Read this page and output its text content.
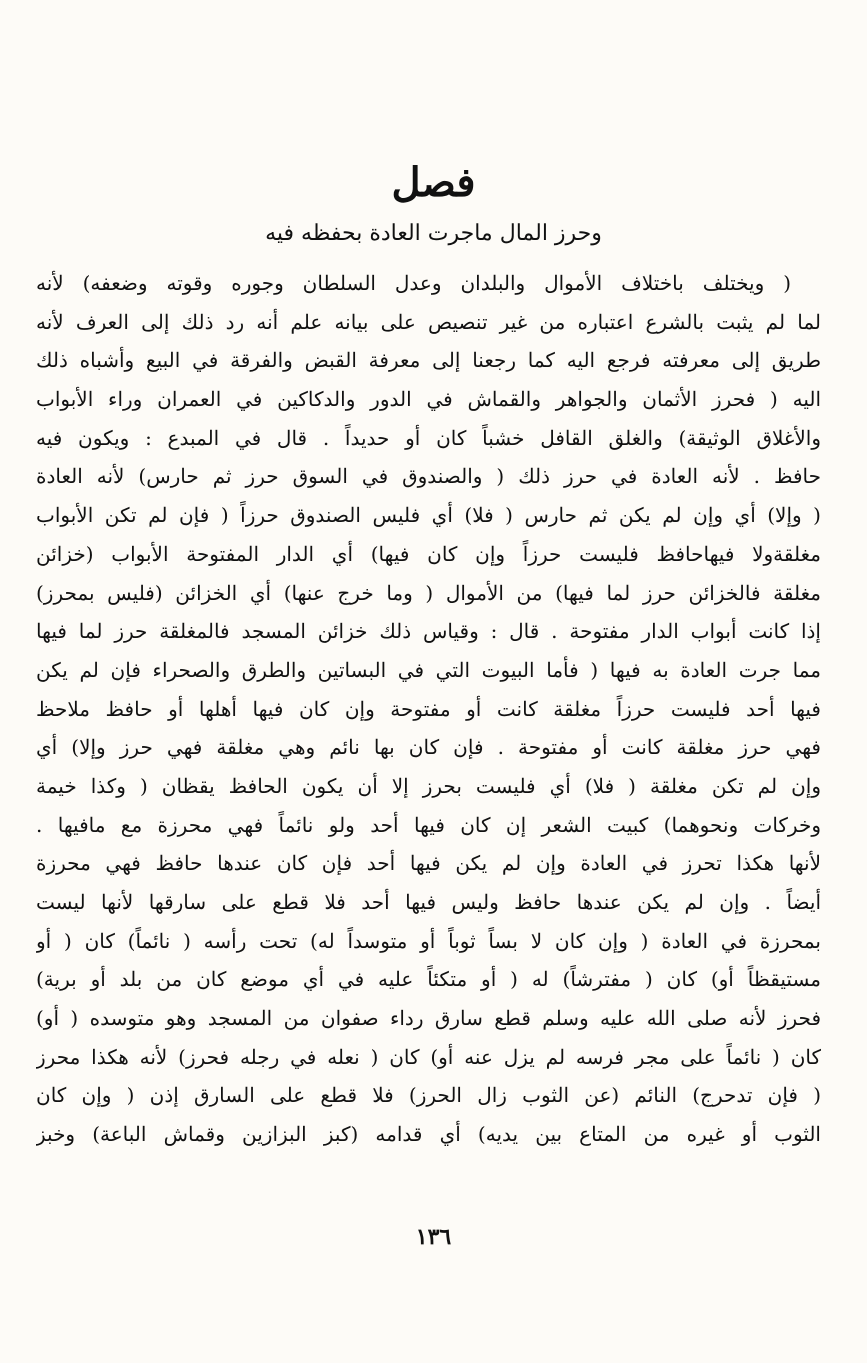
فصل
وحرز المال ماجرت العادة بحفظه فيه
( ويختلف باختلاف الأموال والبلدان وعدل السلطان وجوره وقوته وضعفه) لأنه
لما لم يثبت بالشرع اعتباره من غير تنصيص على بيانه علم أنه رد ذلك إلى العرف لأنه
طريق إلى معرفته فرجع اليه كما رجعنا إلى معرفة القبض والفرقة في البيع وأشباه ذلك
اليه ( فحرز الأثمان والجواهر والقماش في الدور والدكاكين في العمران وراء الأبواب
والأغلاق الوثيقة) والغلق القافل خشباً كان أو حديداً . قال في المبدع : ويكون فيه
حافظ . لأنه العادة في حرز ذلك ( والصندوق في السوق حرز ثم حارس) لأنه العادة
( وإلا) أي وإن لم يكن ثم حارس ( فلا) أي فليس الصندوق حرزاً ( فإن لم تكن الأبواب
مغلقةولا فيهاحافظ فليست حرزاً وإن كان فيها) أي الدار المفتوحة الأبواب (خزائن
مغلقة فالخزائن حرز لما فيها) من الأموال ( وما خرج عنها) أي الخزائن (فليس بمحرز)
إذا كانت أبواب الدار مفتوحة . قال : وقياس ذلك خزائن المسجد فالمغلقة حرز لما فيها
مما جرت العادة به فيها ( فأما البيوت التي في البساتين والطرق والصحراء فإن لم يكن
فيها أحد فليست حرزاً مغلقة كانت أو مفتوحة وإن كان فيها أهلها أو حافظ ملاحظ
فهي حرز مغلقة كانت أو مفتوحة . فإن كان بها نائم وهي مغلقة فهي حرز وإلا) أي
وإن لم تكن مغلقة ( فلا) أي فليست بحرز إلا أن يكون الحافظ يقظان ( وكذا خيمة
وخركات ونحوهما) كبيت الشعر إن كان فيها أحد ولو نائماً فهي محرزة مع مافيها .
لأنها هكذا تحرز في العادة وإن لم يكن فيها أحد فإن كان عندها حافظ فهي محرزة
أيضاً . وإن لم يكن عندها حافظ وليس فيها أحد فلا قطع على سارقها لأنها ليست
بمحرزة في العادة ( وإن كان لا بساً ثوباً أو متوسداً له) تحت رأسه ( نائماً) كان ( أو
مستيقظاً أو) كان ( مفترشاً) له ( أو متكئاً عليه في أي موضع كان من بلد أو برية)
فحرز لأنه صلى الله عليه وسلم قطع سارق رداء صفوان من المسجد وهو متوسده ( أو)
كان ( نائماً على مجر فرسه لم يزل عنه أو) كان ( نعله في رجله فحرز) لأنه هكذا محرز
( فإن تدحرج) النائم (عن الثوب زال الحرز) فلا قطع على السارق إذن ( وإن كان
الثوب أو غيره من المتاع بين يديه) أي قدامه (كبز البزازين وقماش الباعة) وخبز
١٣٦
